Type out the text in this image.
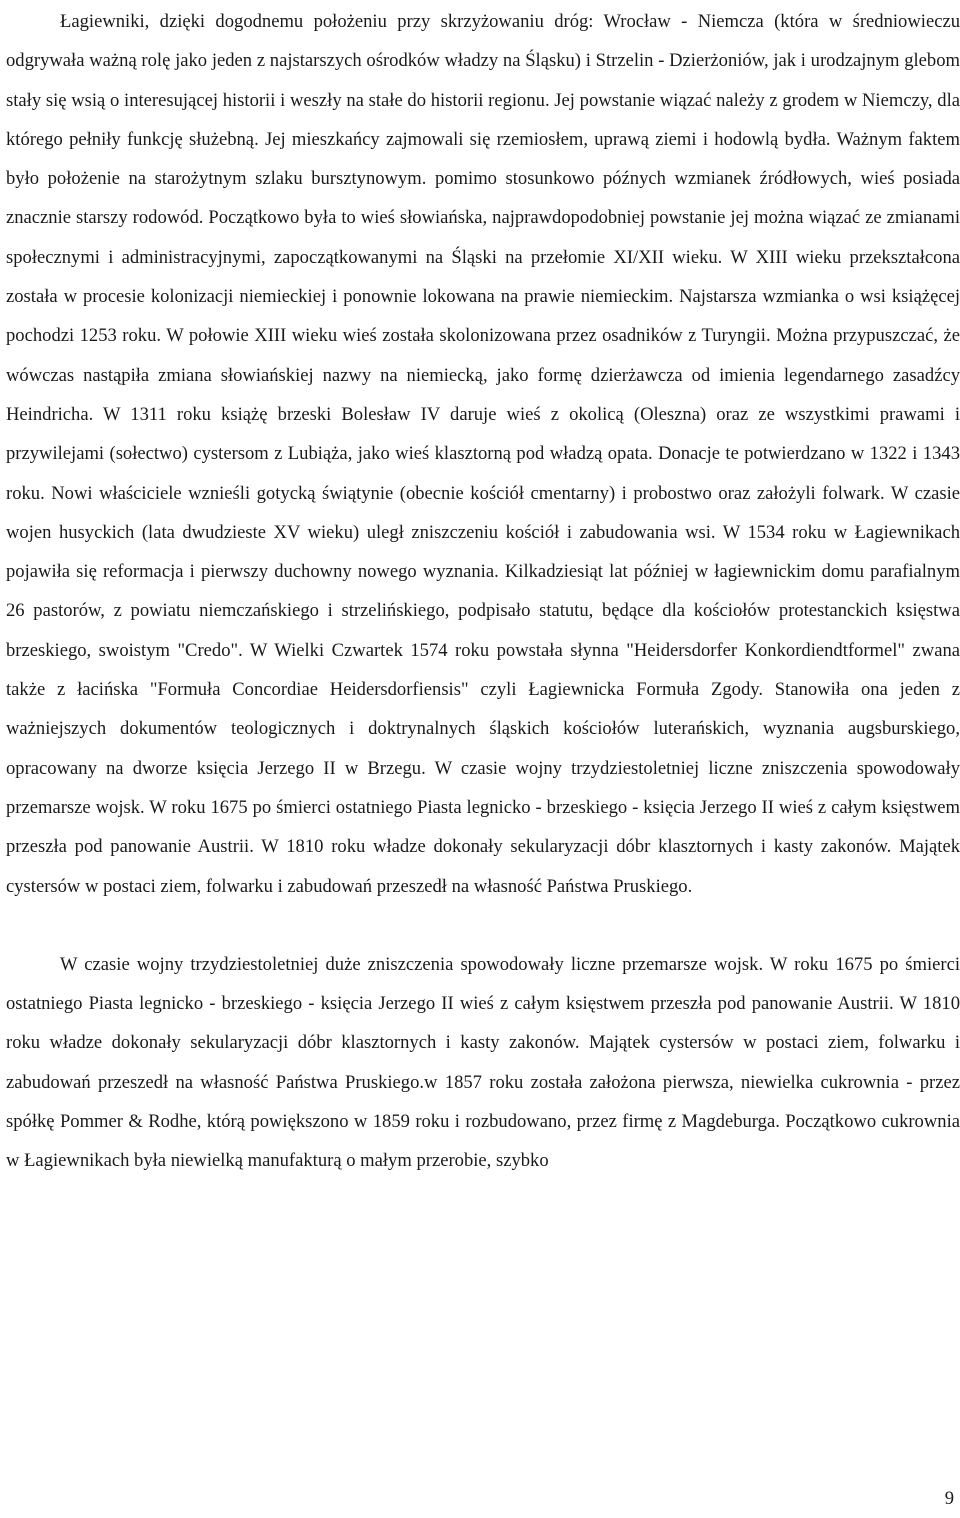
Łagiewniki, dzięki dogodnemu położeniu przy skrzyżowaniu dróg: Wrocław - Niemcza (która w średniowieczu odgrywała ważną rolę jako jeden z najstarszych ośrodków władzy na Śląsku) i Strzelin - Dzierżoniów, jak i urodzajnym glebom stały się wsią o interesującej historii i weszły na stałe do historii regionu. Jej powstanie wiązać należy z grodem w Niemczy, dla którego pełniły funkcję służebną. Jej mieszkańcy zajmowali się rzemiosłem, uprawą ziemi i hodowlą bydła. Ważnym faktem było położenie na starożytnym szlaku bursztynowym. pomimo stosunkowo późnych wzmianek źródłowych, wieś posiada znacznie starszy rodowód. Początkowo była to wieś słowiańska, najprawdopodobniej powstanie jej można wiązać ze zmianami społecznymi i administracyjnymi, zapoczątkowanymi na Śląski na przełomie XI/XII wieku. W XIII wieku przekształcona została w procesie kolonizacji niemieckiej i ponownie lokowana na prawie niemieckim. Najstarsza wzmianka o wsi książęcej pochodzi 1253 roku. W połowie XIII wieku wieś została skolonizowana przez osadników z Turyngii. Można przypuszczać, że wówczas nastąpiła zmiana słowiańskiej nazwy na niemiecką, jako formę dzierżawcza od imienia legendarnego zasadźcy Heindricha. W 1311 roku książę brzeski Bolesław IV daruje wieś z okolicą (Oleszna) oraz ze wszystkimi prawami i przywilejami (sołectwo) cystersom z Lubiąża, jako wieś klasztorną pod władzą opata. Donacje te potwierdzano w 1322 i 1343 roku. Nowi właściciele wznieśli gotycką świątynie (obecnie kościół cmentarny) i probostwo oraz założyli folwark. W czasie wojen husyckich (lata dwudzieste XV wieku) uległ zniszczeniu kościół i zabudowania wsi. W 1534 roku w Łagiewnikach pojawiła się reformacja i pierwszy duchowny nowego wyznania. Kilkadziesiąt lat później w łagiewnickim domu parafialnym 26 pastorów, z powiatu niemczańskiego i strzelińskiego, podpisało statutu, będące dla kościołów protestanckich księstwa brzeskiego, swoistym "Credo". W Wielki Czwartek 1574 roku powstała słynna "Heidersdorfer Konkordiendtformel" zwana także z łacińska "Formuła Concordiae Heidersdorfiensis" czyli Łagiewnicka Formuła Zgody. Stanowiła ona jeden z ważniejszych dokumentów teologicznych i doktrynalnych śląskich kościołów luterańskich, wyznania augsburskiego, opracowany na dworze księcia Jerzego II w Brzegu. W czasie wojny trzydziestoletniej liczne zniszczenia spowodowały przemarsze wojsk. W roku 1675 po śmierci ostatniego Piasta legnicko - brzeskiego - księcia Jerzego II wieś z całym księstwem przeszła pod panowanie Austrii. W 1810 roku władze dokonały sekularyzacji dóbr klasztornych i kasty zakonów. Majątek cystersów w postaci ziem, folwarku i zabudowań przeszedł na własność Państwa Pruskiego.

W czasie wojny trzydziestoletniej duże zniszczenia spowodowały liczne przemarsze wojsk. W roku 1675 po śmierci ostatniego Piasta legnicko - brzeskiego - księcia Jerzego II wieś z całym księstwem przeszła pod panowanie Austrii. W 1810 roku władze dokonały sekularyzacji dóbr klasztornych i kasty zakonów. Majątek cystersów w postaci ziem, folwarku i zabudowań przeszedł na własność Państwa Pruskiego.w 1857 roku została założona pierwsza, niewielka cukrownia - przez spółkę Pommer & Rodhe, którą powiększono w 1859 roku i rozbudowano, przez firmę z Magdeburga. Początkowo cukrownia w Łagiewnikach była niewielką manufakturą o małym przerobie, szybko

9
